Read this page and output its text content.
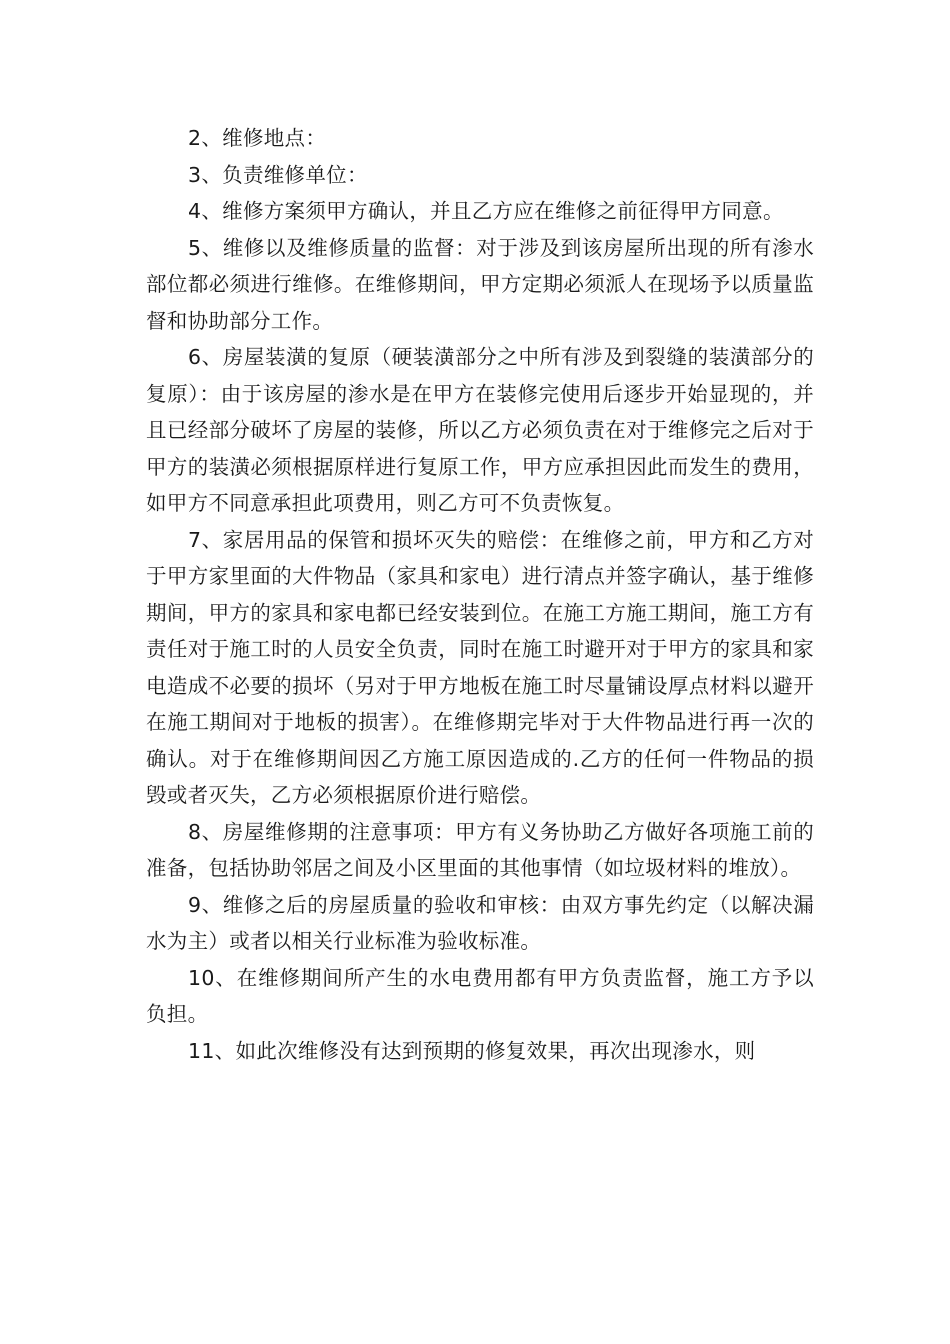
2、维修地点：

3、负责维修单位：

4、维修方案须甲方确认，并且乙方应在维修之前征得甲方同意。

5、维修以及维修质量的监督：对于涉及到该房屋所出现的所有渗水部位都必须进行维修。在维修期间，甲方定期必须派人在现场予以质量监督和协助部分工作。

6、房屋装潢的复原（硬装潢部分之中所有涉及到裂缝的装潢部分的复原）：由于该房屋的渗水是在甲方在装修完使用后逐步开始显现的，并且已经部分破坏了房屋的装修，所以乙方必须负责在对于维修完之后对于甲方的装潢必须根据原样进行复原工作，甲方应承担因此而发生的费用，如甲方不同意承担此项费用，则乙方可不负责恢复。

7、家居用品的保管和损坏灭失的赔偿：在维修之前，甲方和乙方对于甲方家里面的大件物品（家具和家电）进行清点并签字确认，基于维修期间，甲方的家具和家电都已经安装到位。在施工方施工期间，施工方有责任对于施工时的人员安全负责，同时在施工时避开对于甲方的家具和家电造成不必要的损坏（另对于甲方地板在施工时尽量铺设厚点材料以避开在施工期间对于地板的损害）。在维修期完毕对于大件物品进行再一次的确认。对于在维修期间因乙方施工原因造成的.乙方的任何一件物品的损毁或者灭失，乙方必须根据原价进行赔偿。

8、房屋维修期的注意事项：甲方有义务协助乙方做好各项施工前的准备，包括协助邻居之间及小区里面的其他事情（如垃圾材料的堆放）。

9、维修之后的房屋质量的验收和审核：由双方事先约定（以解决漏水为主）或者以相关行业标准为验收标准。

10、在维修期间所产生的水电费用都有甲方负责监督，施工方予以负担。

11、如此次维修没有达到预期的修复效果，再次出现渗水，则
